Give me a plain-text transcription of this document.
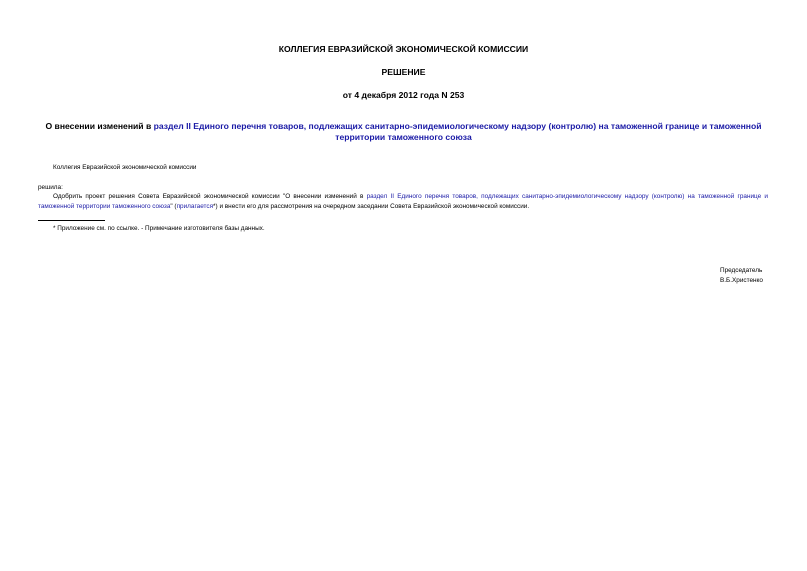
КОЛЛЕГИЯ ЕВРАЗИЙСКОЙ ЭКОНОМИЧЕСКОЙ КОМИССИИ
РЕШЕНИЕ
от 4 декабря 2012 года N 253
О внесении изменений в раздел II Единого перечня товаров, подлежащих санитарно-эпидемиологическому надзору (контролю) на таможенной границе и таможенной территории таможенного союза
Коллегия Евразийской экономической комиссии
решила:
Одобрить проект решения Совета Евразийской экономической комиссии "О внесении изменений в раздел II Единого перечня товаров, подлежащих санитарно-эпидемиологическому надзору (контролю) на таможенной границе и таможенной территории таможенного союза" (прилагается*) и внести его для рассмотрения на очередном заседании Совета Евразийской экономической комиссии.
* Приложение см. по ссылке. - Примечание изготовителя базы данных.
Председатель
В.Б.Христенко
